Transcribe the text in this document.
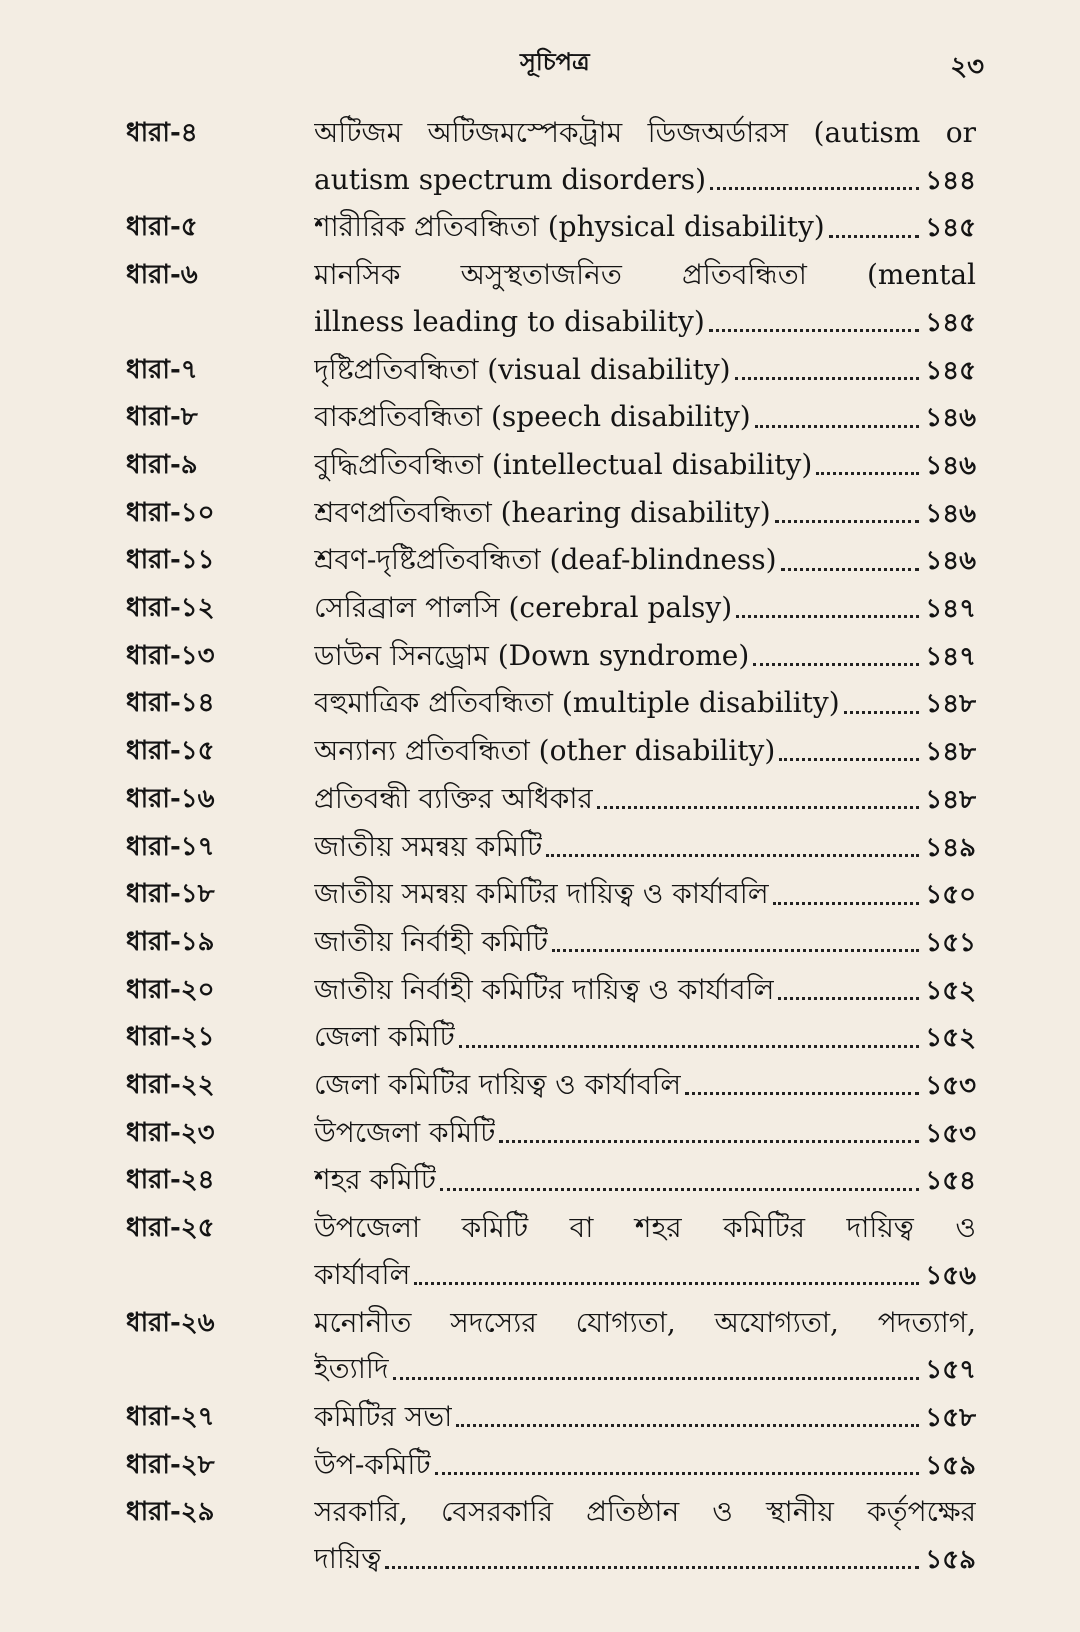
সূচিপত্র	২৩
ধারা-৪	অটিজম অটিজমস্পেকট্রাম ডিজঅর্ডারস (autism or
autism spectrum disorders)	১৪৪
ধারা-৫	শারীরিক প্রতিবন্ধিতা (physical disability)	১৪৫
ধারা-৬	মানসিক অসুস্থতাজনিত প্রতিবন্ধিতা (mental
illness leading to disability)	১৪৫
ধারা-৭	দৃষ্টিপ্রতিবন্ধিতা (visual disability)	১৪৫
ধারা-৮	বাকপ্রতিবন্ধিতা (speech disability)	১৪৬
ধারা-৯	বুদ্ধিপ্রতিবন্ধিতা (intellectual disability)	১৪৬
ধারা-১০	শ্রবণপ্রতিবন্ধিতা (hearing disability)	১৪৬
ধারা-১১	শ্রবণ-দৃষ্টিপ্রতিবন্ধিতা (deaf-blindness)	১৪৬
ধারা-১২	সেরিব্রাল পালসি (cerebral palsy)	১৪৭
ধারা-১৩	ডাউন সিনড্রোম (Down syndrome)	১৪৭
ধারা-১৪	বহুমাত্রিক প্রতিবন্ধিতা (multiple disability)	১৪৮
ধারা-১৫	অন্যান্য প্রতিবন্ধিতা (other disability)	১৪৮
ধারা-১৬	প্রতিবন্ধী ব্যক্তির অধিকার	১৪৮
ধারা-১৭	জাতীয় সমন্বয় কমিটি	১৪৯
ধারা-১৮	জাতীয় সমন্বয় কমিটির দায়িত্ব ও কার্যাবলি	১৫০
ধারা-১৯	জাতীয় নির্বাহী কমিটি	১৫১
ধারা-২০	জাতীয় নির্বাহী কমিটির দায়িত্ব ও কার্যাবলি	১৫২
ধারা-২১	জেলা কমিটি	১৫২
ধারা-২২	জেলা কমিটির দায়িত্ব ও কার্যাবলি	১৫৩
ধারা-২৩	উপজেলা কমিটি	১৫৩
ধারা-২৪	শহর কমিটি	১৫৪
ধারা-২৫	উপজেলা কমিটি বা শহর কমিটির দায়িত্ব ও
কার্যাবলি	১৫৬
ধারা-২৬	মনোনীত সদস্যের যোগ্যতা, অযোগ্যতা, পদত্যাগ,
ইত্যাদি	১৫৭
ধারা-২৭	কমিটির সভা	১৫৮
ধারা-২৮	উপ-কমিটি	১৫৯
ধারা-২৯	সরকারি, বেসরকারি প্রতিষ্ঠান ও স্থানীয় কর্তৃপক্ষের
দায়িত্ব	১৫৯
